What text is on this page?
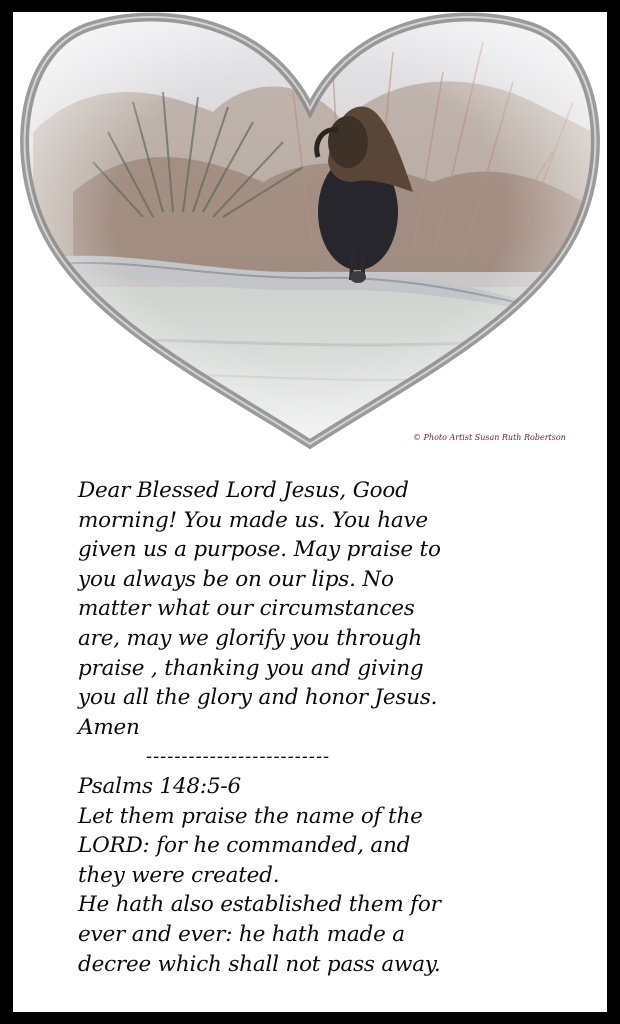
© Photo Artist Susan Ruth Robertson
Dear Blessed Lord Jesus, Good
morning! You made us. You have
given us a purpose. May praise to
you always be on our lips. No
matter what our circumstances
are, may we glorify you through
praise , thanking you and giving
you all the glory and honor Jesus.
Amen
--------------------------
Psalms 148:5-6
Let them praise the name of the
LORD: for he commanded, and
they were created.
He hath also established them for
ever and ever: he hath made a
decree which shall not pass away.
